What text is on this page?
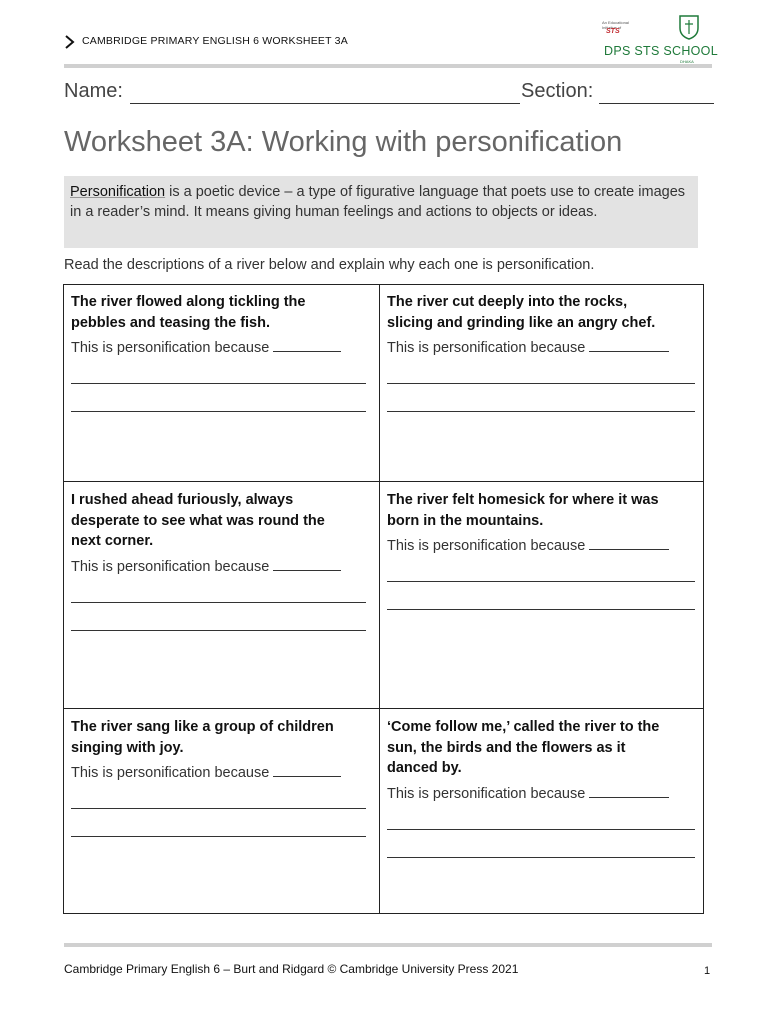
CAMBRIDGE PRIMARY ENGLISH 6 WORKSHEET 3A
An Educational Initiative of
STS
DPS STS SCHOOL
DHAKA
Name:	Section:
Worksheet 3A: Working with personification
Personification is a poetic device – a type of figurative language that poets use to create images in a reader’s mind. It means giving human feelings and actions to objects or ideas.
Read the descriptions of a river below and explain why each one is personification.
The river flowed along tickling the
pebbles and teasing the fish.
This is personification because
The river cut deeply into the rocks,
slicing and grinding like an angry chef.
This is personification because
I rushed ahead furiously, always
desperate to see what was round the
next corner.
This is personification because
The river felt homesick for where it was
born in the mountains.
This is personification because
The river sang like a group of children
singing with joy.
This is personification because
‘Come follow me,’ called the river to the
sun, the birds and the flowers as it
danced by.
This is personification because
Cambridge Primary English 6 – Burt and Ridgard © Cambridge University Press 2021	1
